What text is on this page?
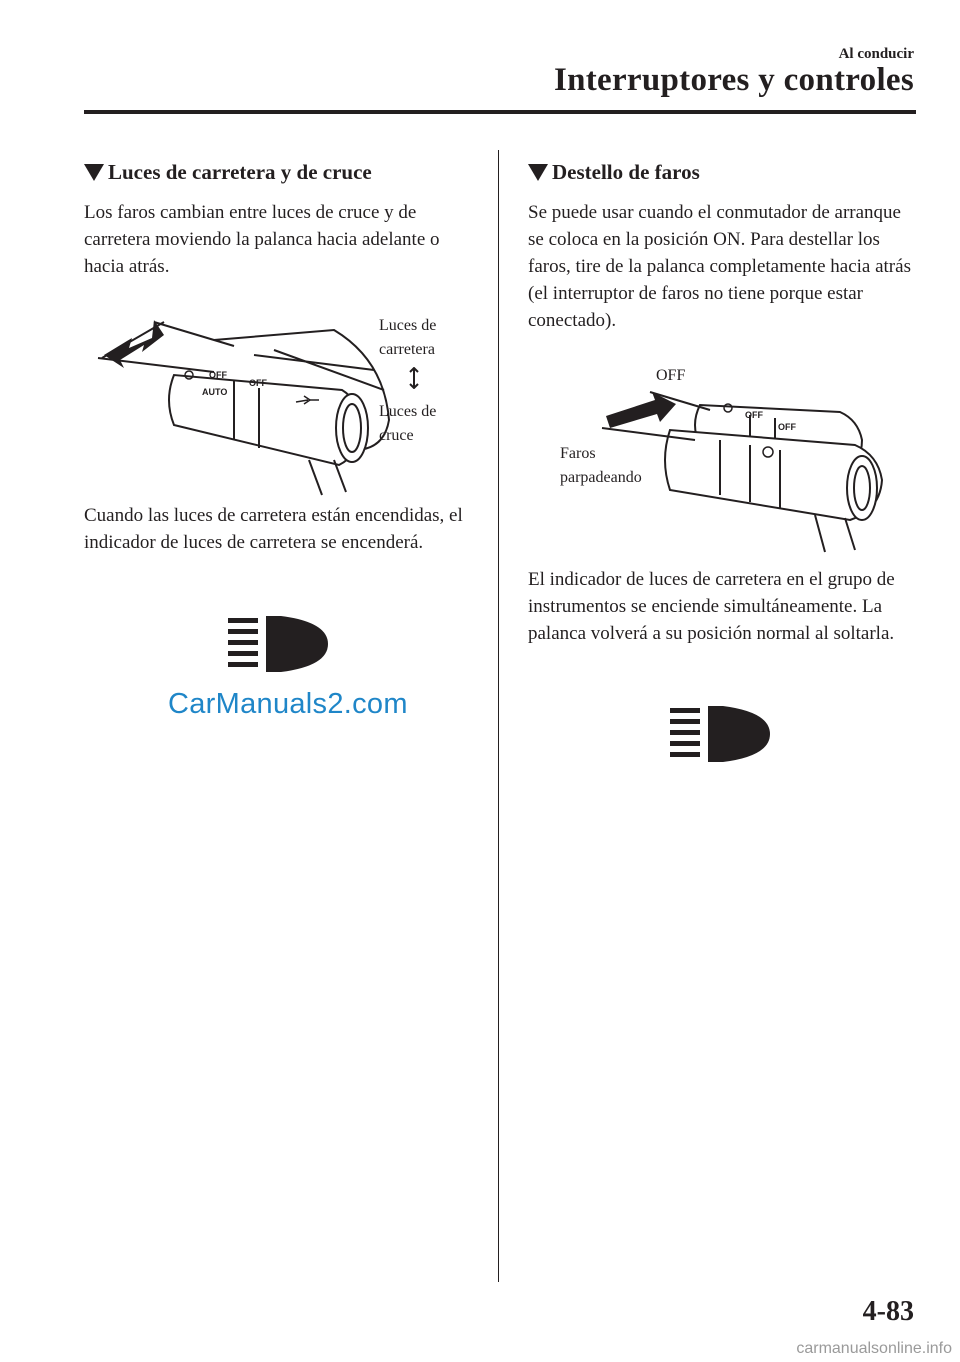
Al conducir
Interruptores y controles
Luces de carretera y de cruce
Los faros cambian entre luces de cruce y de carretera moviendo la palanca hacia adelante o hacia atrás.
OFF
AUTO
OFF
Luces de
carretera
Luces de
cruce
Cuando las luces de carretera están encendidas, el indicador de luces de carretera se encenderá.
CarManuals2.com
Destello de faros
Se puede usar cuando el conmutador de arranque se coloca en la posición ON. Para destellar los faros, tire de la palanca completamente hacia atrás (el interruptor de faros no tiene porque estar conectado).
OFF
OFF
OFF
Faros
parpadeando
El indicador de luces de carretera en el grupo de instrumentos se enciende simultáneamente. La palanca volverá a su posición normal al soltarla.
4-83
carmanualsonline.info
